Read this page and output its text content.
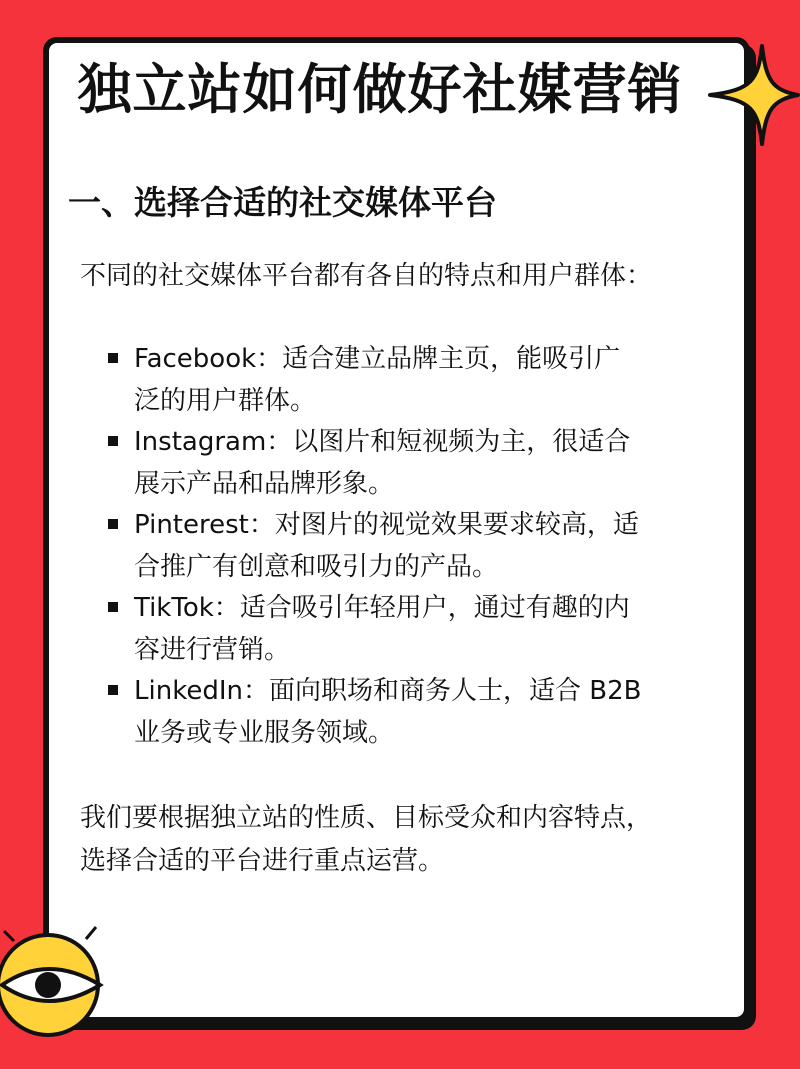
独立站如何做好社媒营销
一、选择合适的社交媒体平台
不同的社交媒体平台都有各自的特点和用户群体：
Facebook：适合建立品牌主页，能吸引广
泛的用户群体。
Instagram：以图片和短视频为主，很适合
展示产品和品牌形象。
Pinterest：对图片的视觉效果要求较高，适
合推广有创意和吸引力的产品。
TikTok：适合吸引年轻用户，通过有趣的内
容进行营销。
LinkedIn：面向职场和商务人士，适合 B2B
业务或专业服务领域。
我们要根据独立站的性质、目标受众和内容特点，
选择合适的平台进行重点运营。
